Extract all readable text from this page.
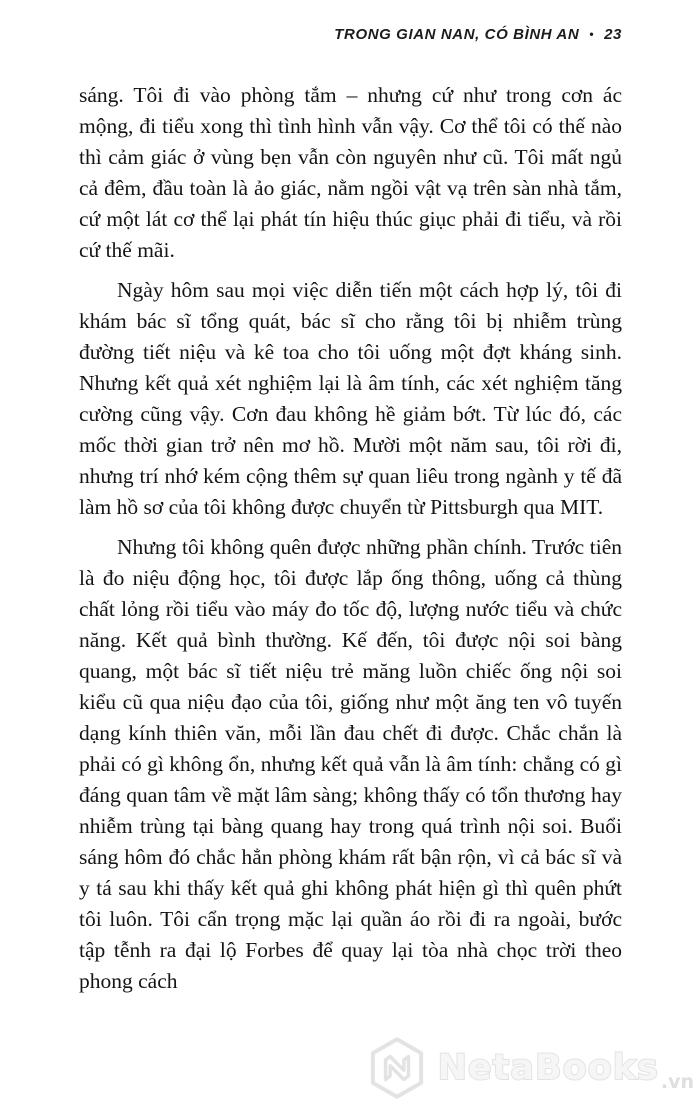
TRONG GIAN NAN, CÓ BÌNH AN • 23

sáng. Tôi đi vào phòng tắm – nhưng cứ như trong cơn ác mộng, đi tiểu xong thì tình hình vẫn vậy. Cơ thể tôi có thế nào thì cảm giác ở vùng bẹn vẫn còn nguyên như cũ. Tôi mất ngủ cả đêm, đầu toàn là ảo giác, nằm ngồi vật vạ trên sàn nhà tắm, cứ một lát cơ thể lại phát tín hiệu thúc giục phải đi tiểu, và rồi cứ thế mãi.

Ngày hôm sau mọi việc diễn tiến một cách hợp lý, tôi đi khám bác sĩ tổng quát, bác sĩ cho rằng tôi bị nhiễm trùng đường tiết niệu và kê toa cho tôi uống một đợt kháng sinh. Nhưng kết quả xét nghiệm lại là âm tính, các xét nghiệm tăng cường cũng vậy. Cơn đau không hề giảm bớt. Từ lúc đó, các mốc thời gian trở nên mơ hồ. Mười một năm sau, tôi rời đi, nhưng trí nhớ kém cộng thêm sự quan liêu trong ngành y tế đã làm hồ sơ của tôi không được chuyển từ Pittsburgh qua MIT.

Nhưng tôi không quên được những phần chính. Trước tiên là đo niệu động học, tôi được lắp ống thông, uống cả thùng chất lỏng rồi tiểu vào máy đo tốc độ, lượng nước tiểu và chức năng. Kết quả bình thường. Kế đến, tôi được nội soi bàng quang, một bác sĩ tiết niệu trẻ măng luồn chiếc ống nội soi kiểu cũ qua niệu đạo của tôi, giống như một ăng ten vô tuyến dạng kính thiên văn, mỗi lần đau chết đi được. Chắc chắn là phải có gì không ổn, nhưng kết quả vẫn là âm tính: chẳng có gì đáng quan tâm về mặt lâm sàng; không thấy có tổn thương hay nhiễm trùng tại bàng quang hay trong quá trình nội soi. Buổi sáng hôm đó chắc hẳn phòng khám rất bận rộn, vì cả bác sĩ và y tá sau khi thấy kết quả ghi không phát hiện gì thì quên phứt tôi luôn. Tôi cẩn trọng mặc lại quần áo rồi đi ra ngoài, bước tập tễnh ra đại lộ Forbes để quay lại tòa nhà chọc trời theo phong cách

NetaBooks .vn
